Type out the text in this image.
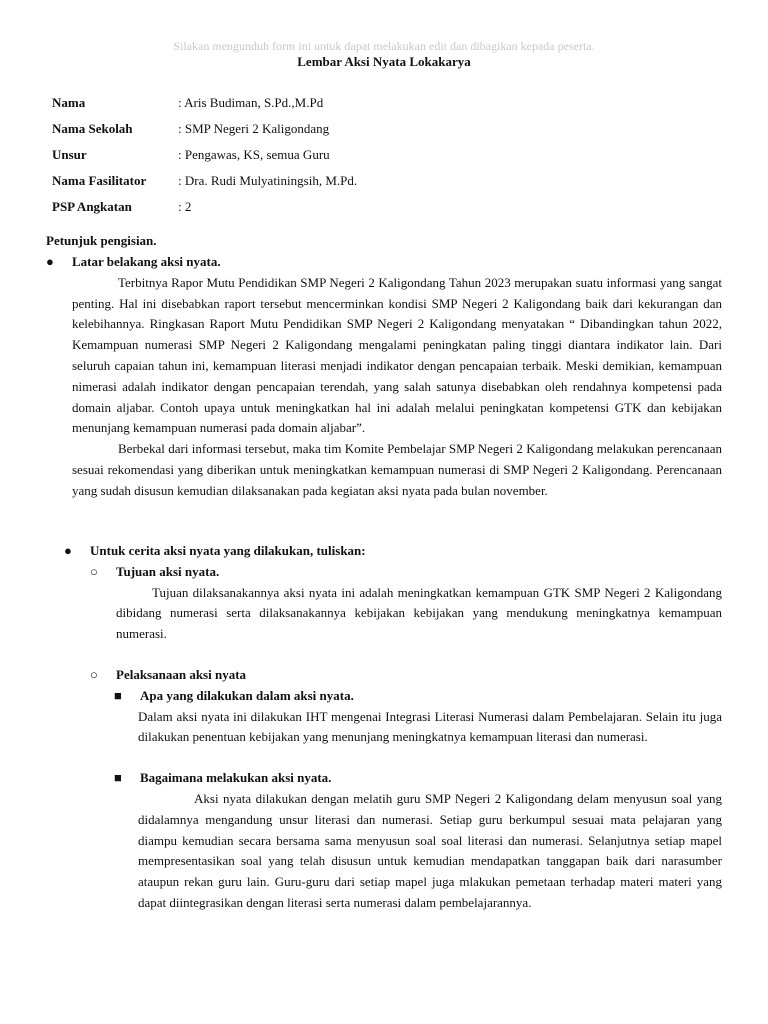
Silakan mengunduh form ini untuk dapat melakukan edit dan dibagikan kepada peserta.
Lembar Aksi Nyata Lokakarya
Nama	: Aris Budiman, S.Pd.,M.Pd
Nama Sekolah	: SMP Negeri 2 Kaligondang
Unsur	: Pengawas, KS, semua Guru
Nama Fasilitator	: Dra. Rudi Mulyatiningsih, M.Pd.
PSP Angkatan	: 2
Petunjuk pengisian.
●	Latar belakang aksi nyata.

Terbitnya Rapor Mutu Pendidikan SMP Negeri 2 Kaligondang Tahun 2023 merupakan suatu informasi yang sangat penting. Hal ini disebabkan raport tersebut mencerminkan kondisi SMP Negeri 2 Kaligondang baik dari kekurangan dan kelebihannya. Ringkasan Raport Mutu Pendidikan SMP Negeri 2 Kaligondang menyatakan “ Dibandingkan tahun 2022, Kemampuan numerasi SMP Negeri 2 Kaligondang mengalami peningkatan paling tinggi diantara indikator lain. Dari seluruh capaian tahun ini, kemampuan literasi menjadi indikator dengan pencapaian terbaik. Meski demikian, kemampuan nimerasi adalah indikator dengan pencapaian terendah, yang salah satunya disebabkan oleh rendahnya kompetensi pada domain aljabar. Contoh upaya untuk meningkatkan hal ini adalah melalui peningkatan kompetensi GTK dan kebijakan menunjang kemampuan numerasi pada domain aljabar”.

Berbekal dari informasi tersebut, maka tim Komite Pembelajar SMP Negeri 2 Kaligondang melakukan perencanaan sesuai rekomendasi yang diberikan untuk meningkatkan kemampuan numerasi di SMP Negeri 2 Kaligondang. Perencanaan yang sudah disusun kemudian dilaksanakan pada kegiatan aksi nyata pada bulan november.

●	Untuk cerita aksi nyata yang dilakukan, tuliskan:
○	Tujuan aksi nyata.

Tujuan dilaksanakannya aksi nyata ini adalah meningkatkan kemampuan GTK SMP Negeri 2 Kaligondang dibidang numerasi serta dilaksanakannya kebijakan kebijakan yang mendukung meningkatnya kemampuan numerasi.

○	Pelaksanaan aksi nyata
■	Apa yang dilakukan dalam aksi nyata.

Dalam aksi nyata ini dilakukan IHT mengenai Integrasi Literasi Numerasi dalam Pembelajaran. Selain itu juga dilakukan penentuan kebijakan yang menunjang meningkatnya kemampuan literasi dan numerasi.

■	Bagaimana melakukan aksi nyata.

Aksi nyata dilakukan dengan melatih guru SMP Negeri 2 Kaligondang delam menyusun soal yang didalamnya mengandung unsur literasi dan numerasi. Setiap guru berkumpul sesuai mata pelajaran yang diampu kemudian secara bersama sama menyusun soal soal literasi dan numerasi. Selanjutnya setiap mapel mempresentasikan soal yang telah disusun untuk kemudian mendapatkan tanggapan baik dari narasumber ataupun rekan guru lain. Guru-guru dari setiap mapel juga mlakukan pemetaan terhadap materi materi yang dapat diintegrasikan dengan literasi serta numerasi dalam pembelajarannya.
